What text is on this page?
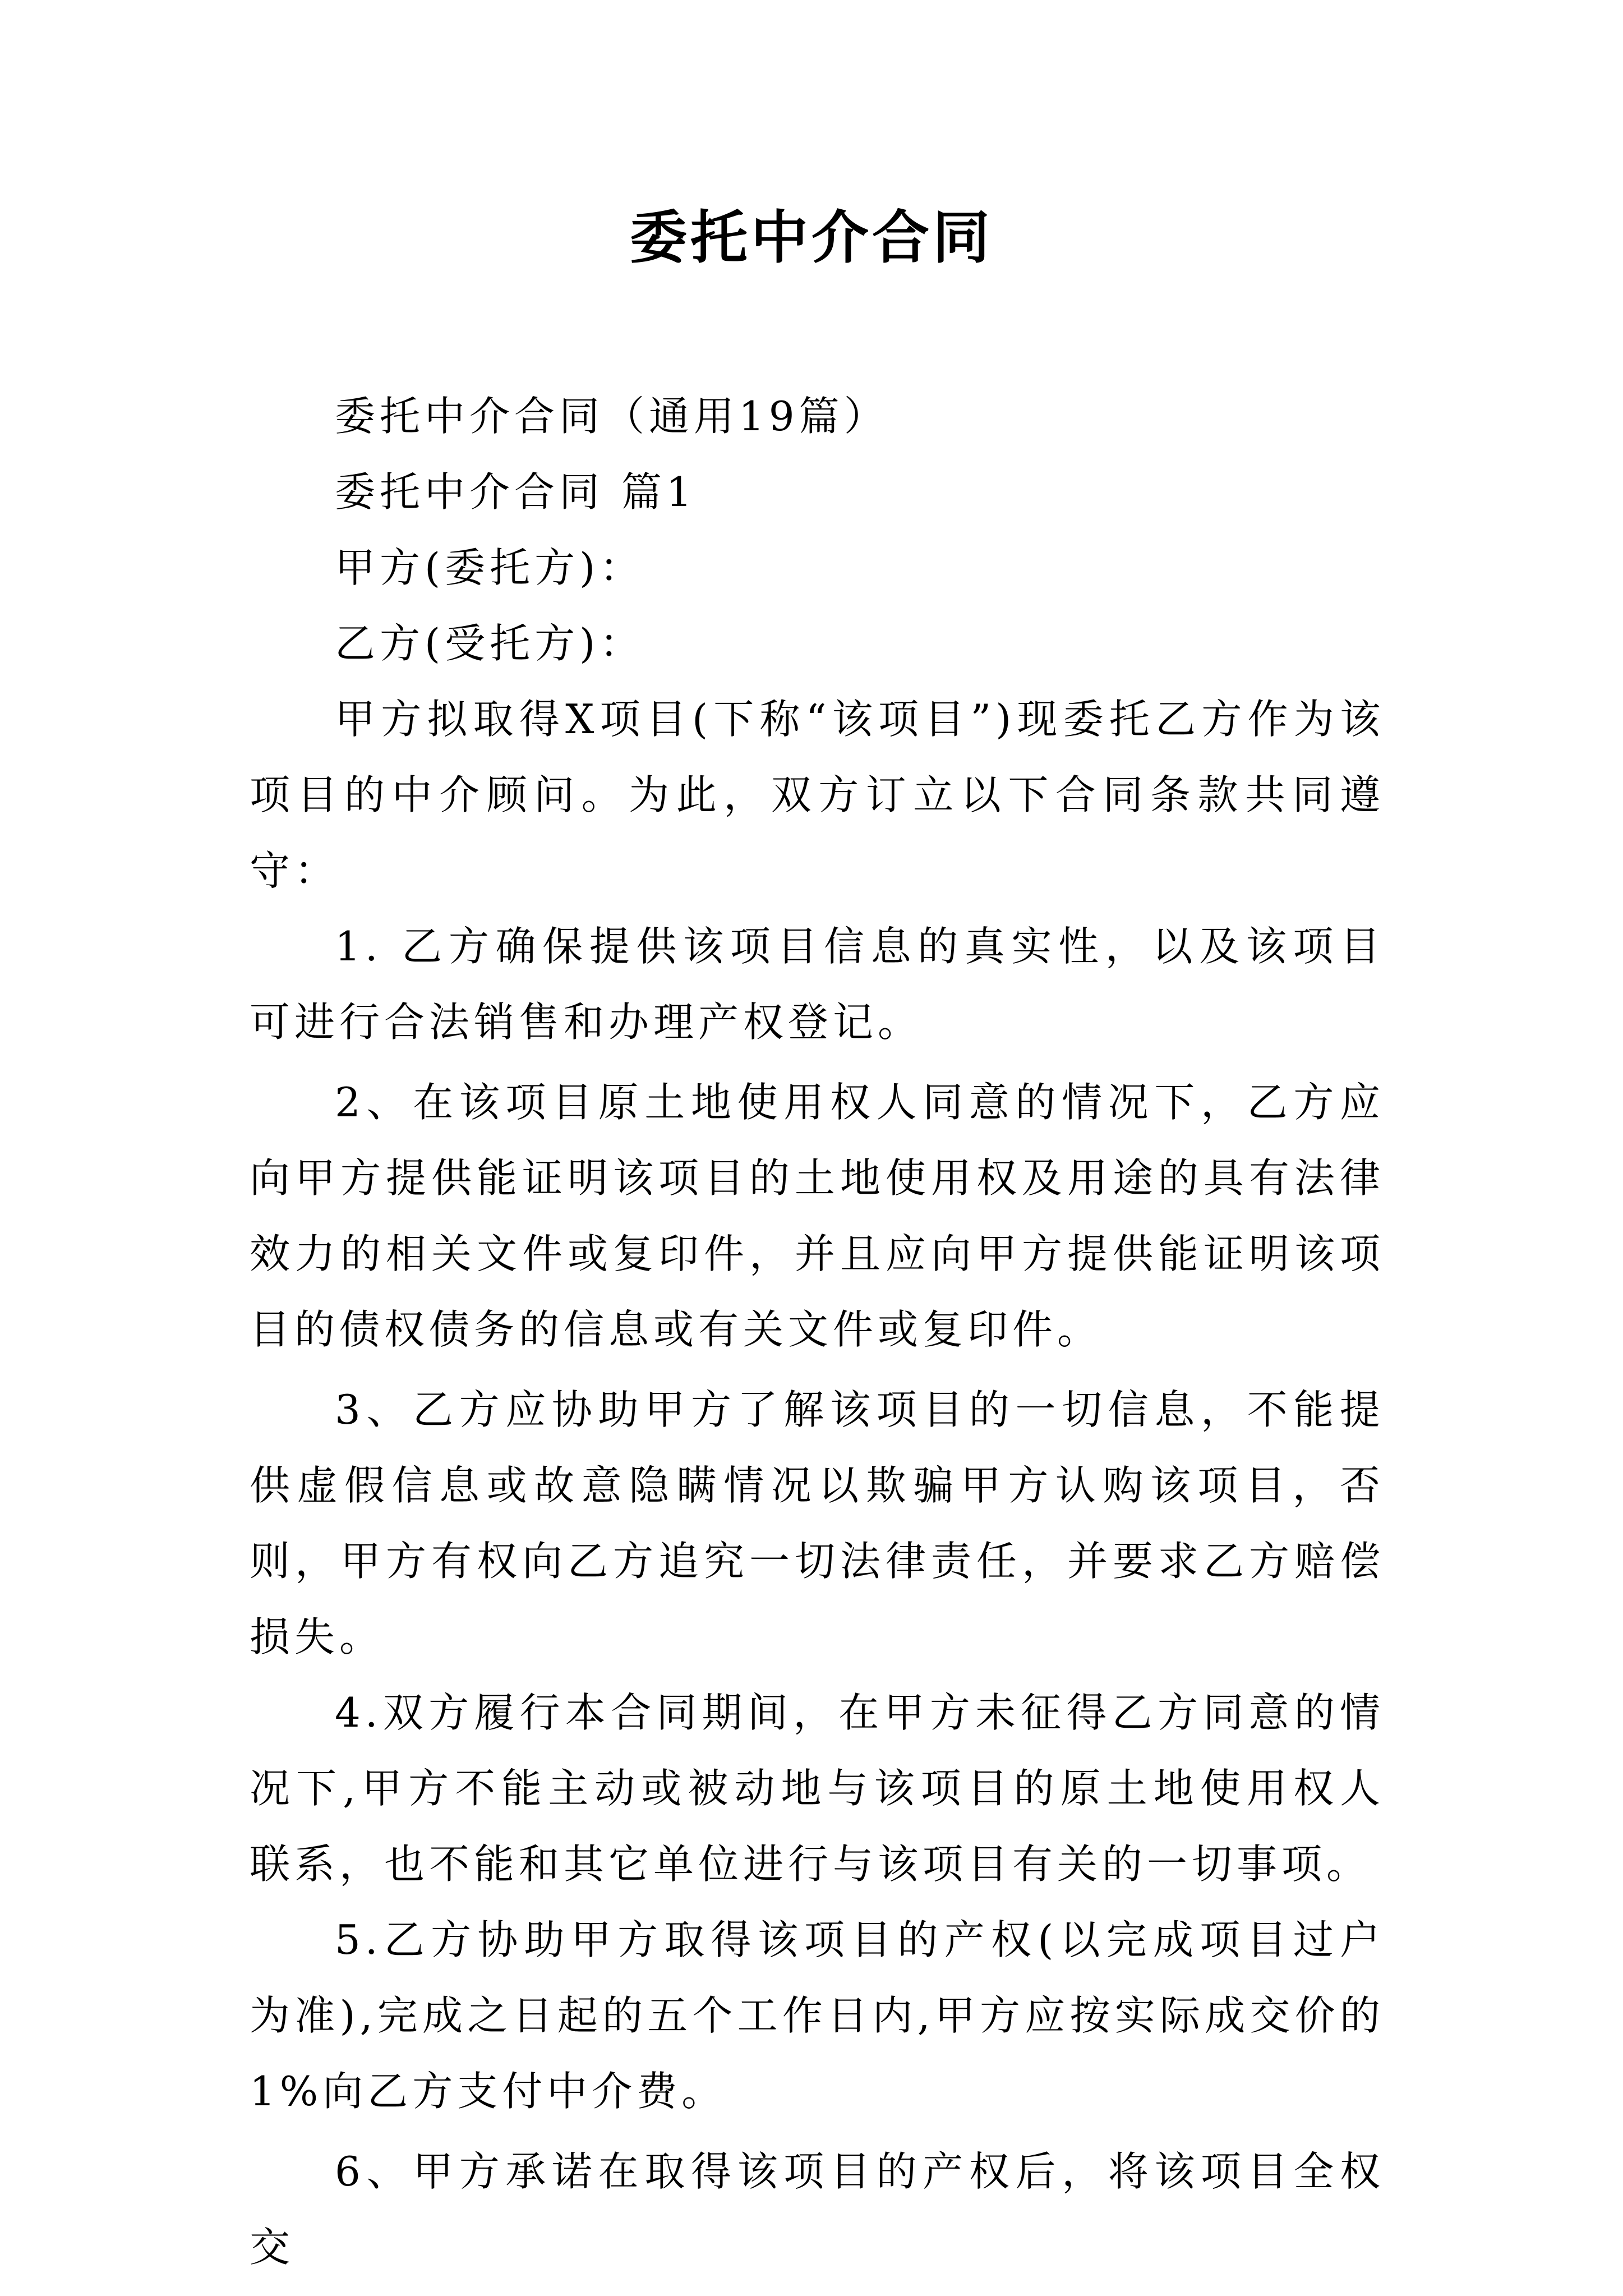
委托中介合同

委托中介合同（通用19篇）

委托中介合同 篇1

甲方(委托方)：

乙方(受托方)：

甲方拟取得X项目(下称“该项目”)现委托乙方作为该项目的中介顾问。为此，双方订立以下合同条款共同遵守：

1. 乙方确保提供该项目信息的真实性，以及该项目可进行合法销售和办理产权登记。

2、在该项目原土地使用权人同意的情况下，乙方应向甲方提供能证明该项目的土地使用权及用途的具有法律效力的相关文件或复印件，并且应向甲方提供能证明该项目的债权债务的信息或有关文件或复印件。

3、乙方应协助甲方了解该项目的一切信息，不能提供虚假信息或故意隐瞒情况以欺骗甲方认购该项目，否则，甲方有权向乙方追究一切法律责任，并要求乙方赔偿损失。

4.双方履行本合同期间，在甲方未征得乙方同意的情况下,甲方不能主动或被动地与该项目的原土地使用权人联系，也不能和其它单位进行与该项目有关的一切事项。

5.乙方协助甲方取得该项目的产权(以完成项目过户为准),完成之日起的五个工作日内,甲方应按实际成交价的1%向乙方支付中介费。

6、甲方承诺在取得该项目的产权后，将该项目全权交
